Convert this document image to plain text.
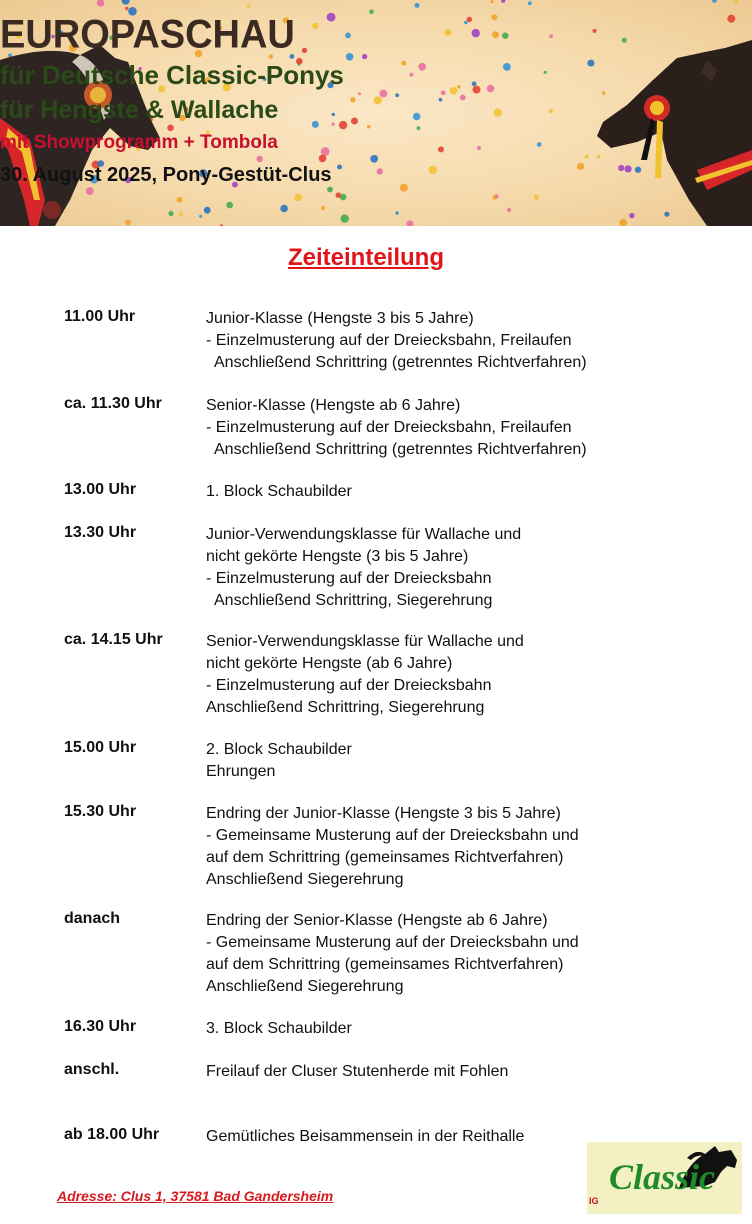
EUROPASCHAU
für Deutsche Classic-Ponys
für Hengste & Wallache
mit Showprogramm + Tombola
30. August 2025, Pony-Gestüt-Clus
Zeiteinteilung
11.00 Uhr	Junior-Klasse (Hengste 3 bis 5 Jahre)
- Einzelmusterung auf der Dreiecksbahn, Freilaufen
Anschließend Schrittring (getrenntes Richtverfahren)
ca. 11.30 Uhr	Senior-Klasse (Hengste ab 6 Jahre)
- Einzelmusterung auf der Dreiecksbahn, Freilaufen
Anschließend Schrittring (getrenntes Richtverfahren)
13.00 Uhr	1. Block Schaubilder
13.30 Uhr	Junior-Verwendungsklasse für Wallache und
nicht gekörte Hengste (3 bis 5 Jahre)
- Einzelmusterung auf der Dreiecksbahn
Anschließend Schrittring, Siegerehrung
ca. 14.15 Uhr	Senior-Verwendungsklasse für Wallache und
nicht gekörte Hengste (ab 6 Jahre)
- Einzelmusterung auf der Dreiecksbahn
Anschließend Schrittring, Siegerehrung
15.00 Uhr	2. Block Schaubilder
Ehrungen
15.30 Uhr	Endring der Junior-Klasse (Hengste 3 bis 5 Jahre)
- Gemeinsame Musterung auf der Dreiecksbahn und
auf dem Schrittring (gemeinsames Richtverfahren)
Anschließend Siegerehrung
danach	Endring der Senior-Klasse (Hengste ab 6 Jahre)
- Gemeinsame Musterung auf der Dreiecksbahn und
auf dem Schrittring (gemeinsames Richtverfahren)
Anschließend Siegerehrung
16.30 Uhr	3. Block Schaubilder
anschl.	Freilauf der Cluser Stutenherde mit Fohlen
ab 18.00 Uhr	Gemütliches Beisammensein in der Reithalle
Adresse: Clus 1, 37581 Bad Gandersheim	Classic
IG
